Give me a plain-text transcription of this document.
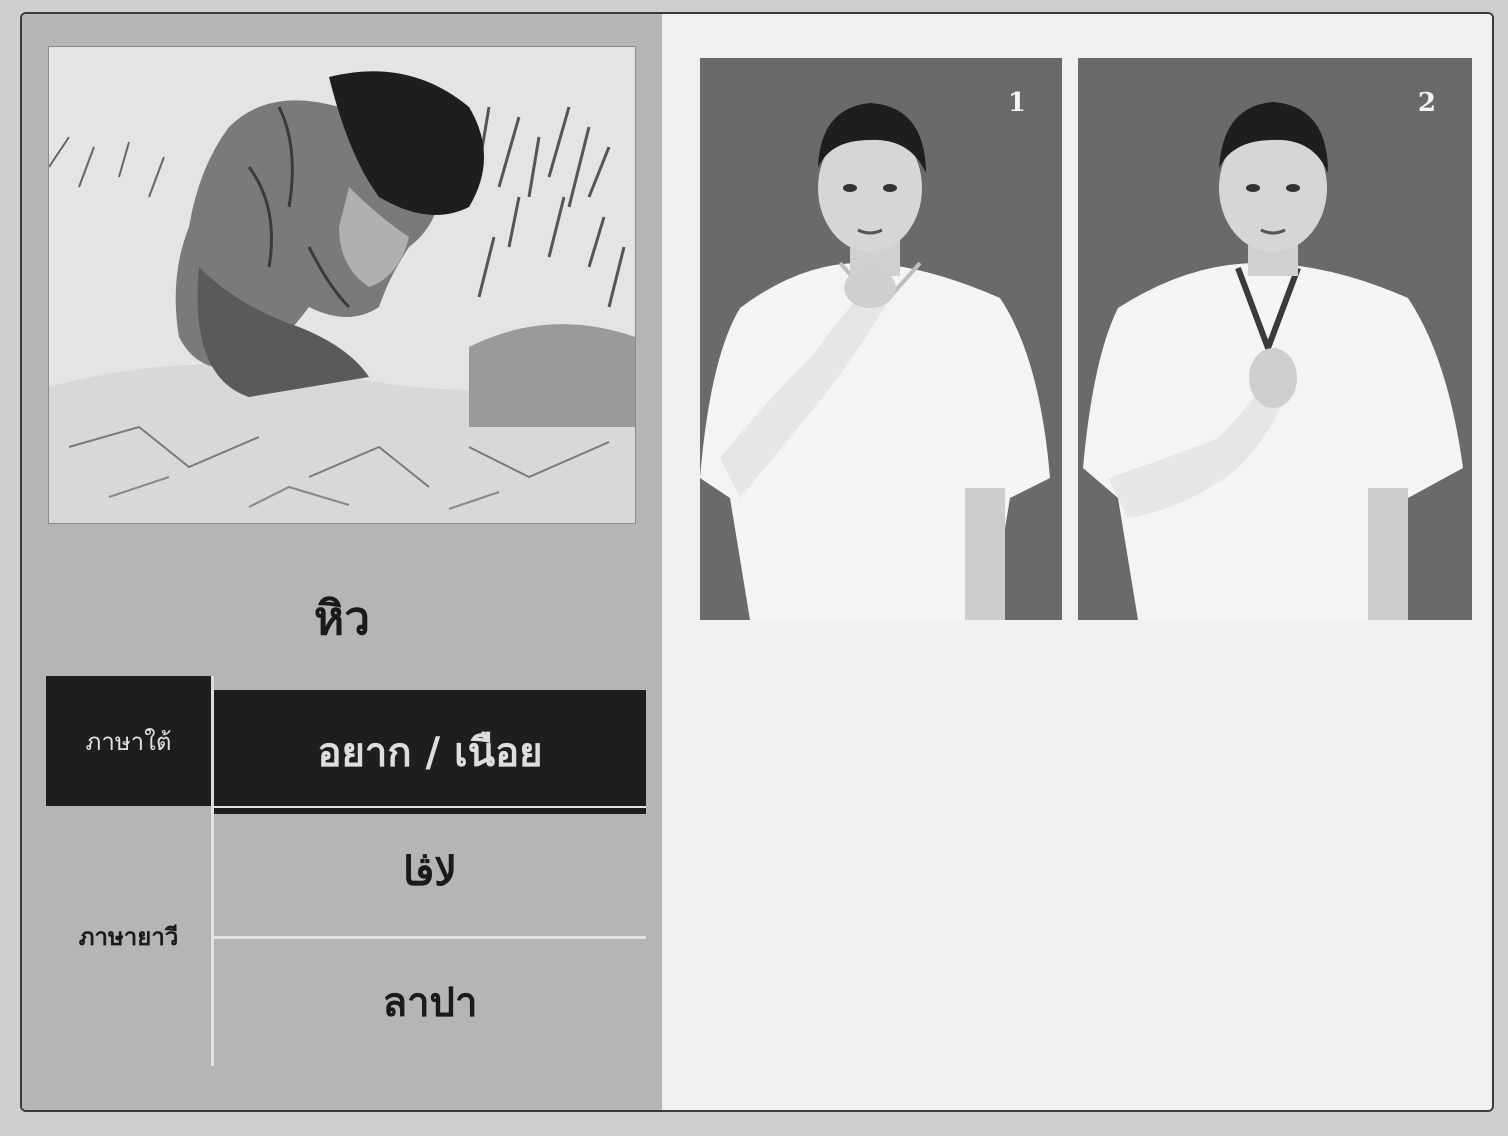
หิว
ภาษาใต้	อยาก / เนือย
ภาษายาวี
لاڤا
ลาปา
1	2
